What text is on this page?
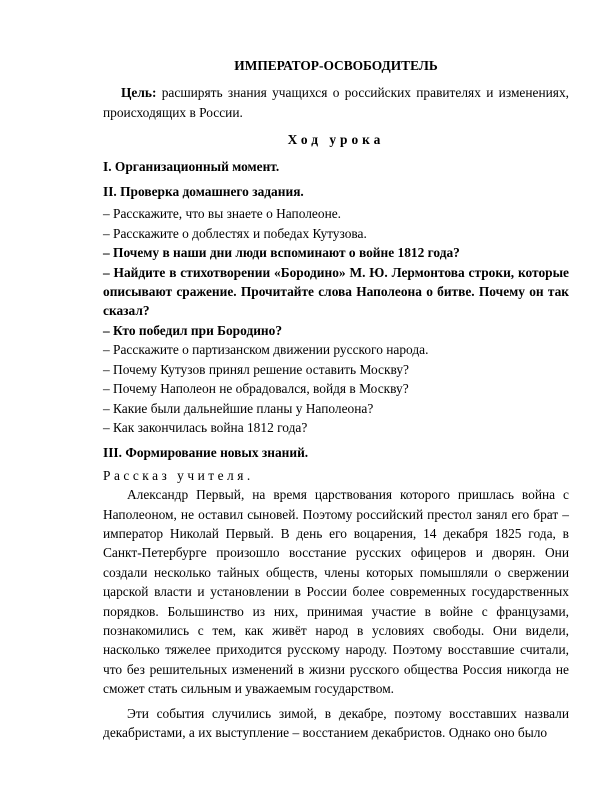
ИМПЕРАТОР-ОСВОБОДИТЕЛЬ

Цель: расширять знания учащихся о российских правителях и изменениях, происходящих в России.

Ход урока

I. Организационный момент.

II. Проверка домашнего задания.

– Расскажите, что вы знаете о Наполеоне.

– Расскажите о доблестях и победах Кутузова.

– Почему в наши дни люди вспоминают о войне 1812 года?

– Найдите в стихотворении «Бородино» М. Ю. Лермонтова строки, которые описывают сражение. Прочитайте слова Наполеона о битве. Почему он так сказал?

– Кто победил при Бородино?

– Расскажите о партизанском движении русского народа.

– Почему Кутузов принял решение оставить Москву?

– Почему Наполеон не обрадовался, войдя в Москву?

– Какие были дальнейшие планы у Наполеона?

– Как закончилась война 1812 года?

III. Формирование новых знаний.

Рассказ учителя.

Александр Первый, на время царствования которого пришлась война с Наполеоном, не оставил сыновей. Поэтому российский престол занял его брат – император Николай Первый. В день его воцарения, 14 декабря 1825 года, в Санкт-Петербурге произошло восстание русских офицеров и дворян. Они создали несколько тайных обществ, члены которых помышляли о свержении царской власти и установлении в России более современных государственных порядков. Большинство из них, принимая участие в войне с французами, познакомились с тем, как живёт народ в условиях свободы. Они видели, насколько тяжелее приходится русскому народу. Поэтому восставшие считали, что без решительных изменений в жизни русского общества Россия никогда не сможет стать сильным и уважаемым государством.

Эти события случились зимой, в декабре, поэтому восставших назвали декабристами, а их выступление – восстанием декабристов. Однако оно было
